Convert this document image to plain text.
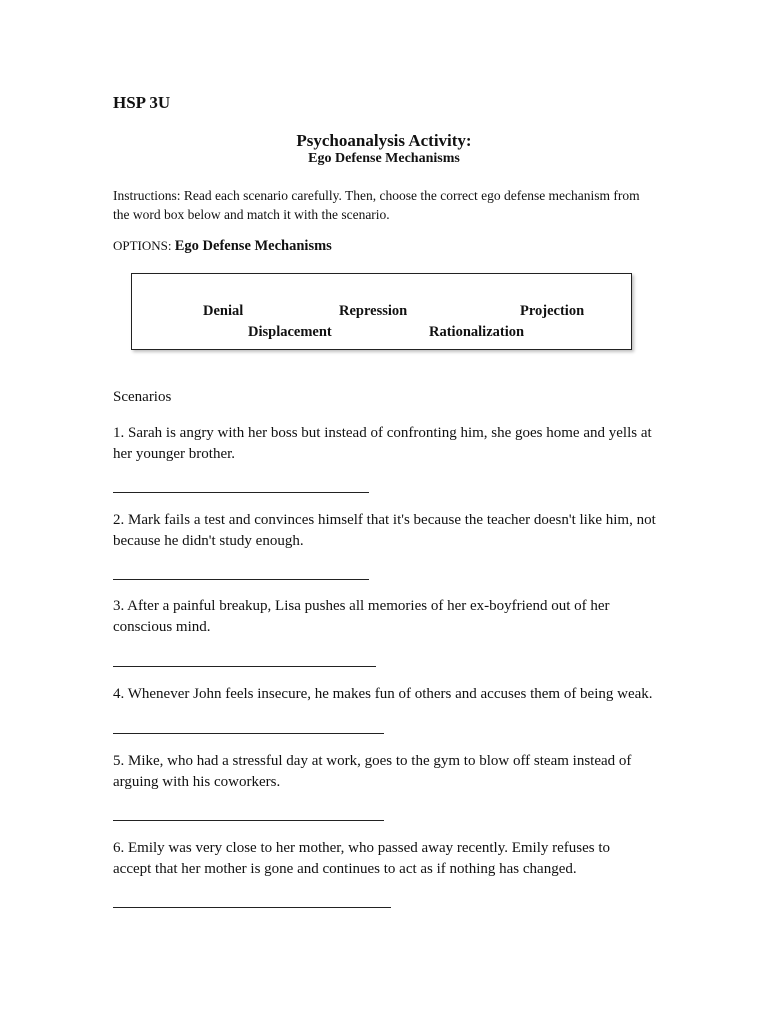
HSP 3U
Psychoanalysis Activity:
Ego Defense Mechanisms
Instructions: Read each scenario carefully. Then, choose the correct ego defense mechanism from the word box below and match it with the scenario.
OPTIONS: Ego Defense Mechanisms
Denial	Repression	Projection
Displacement	Rationalization
Scenarios
1. Sarah is angry with her boss but instead of confronting him, she goes home and yells at her younger brother.
2. Mark fails a test and convinces himself that it's because the teacher doesn't like him, not because he didn't study enough.
3. After a painful breakup, Lisa pushes all memories of her ex-boyfriend out of her conscious mind.
4. Whenever John feels insecure, he makes fun of others and accuses them of being weak.
5. Mike, who had a stressful day at work, goes to the gym to blow off steam instead of arguing with his coworkers.
6. Emily was very close to her mother, who passed away recently. Emily refuses to accept that her mother is gone and continues to act as if nothing has changed.
